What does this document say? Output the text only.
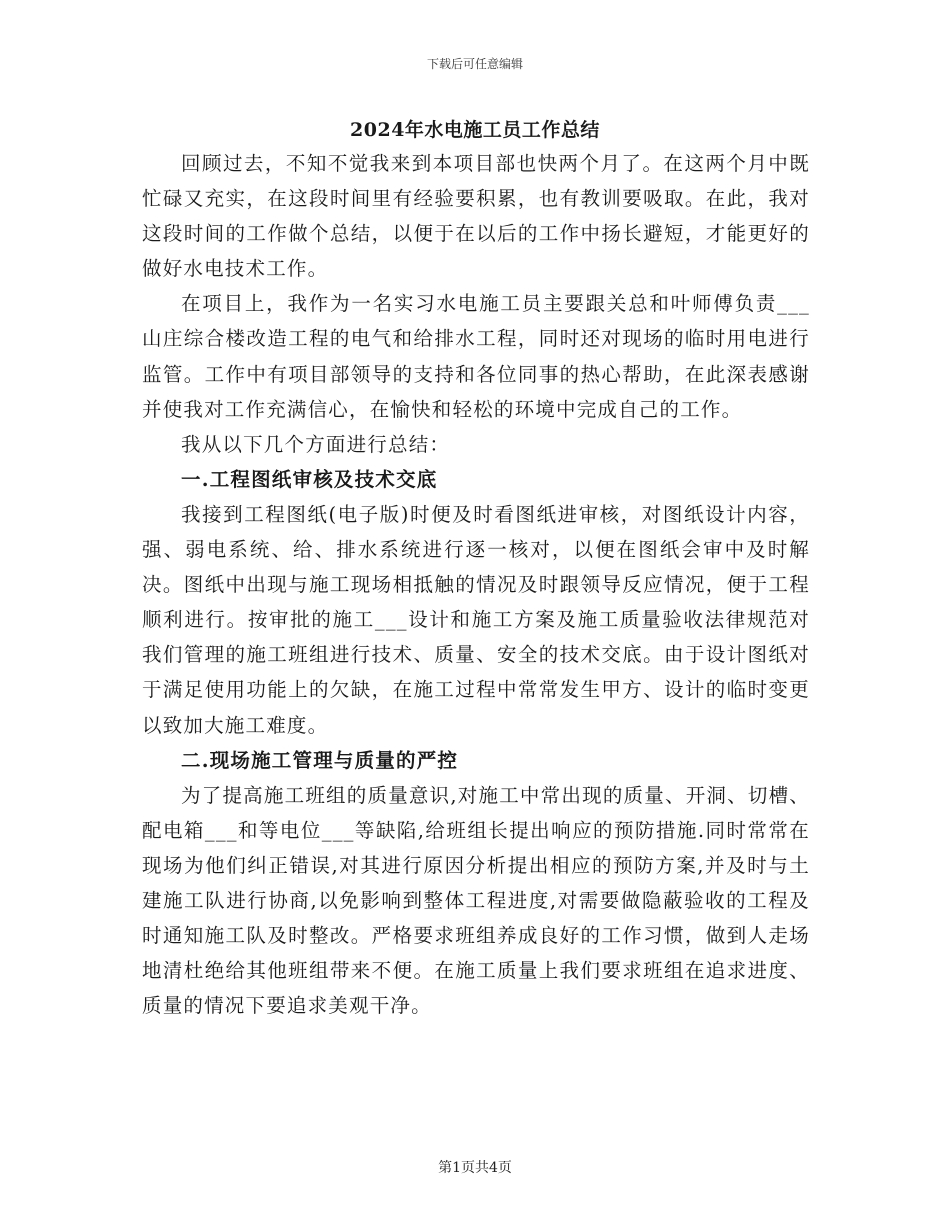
下载后可任意编辑
2024年水电施工员工作总结

回顾过去，不知不觉我来到本项目部也快两个月了。在这两个月中既忙碌又充实，在这段时间里有经验要积累，也有教训要吸取。在此，我对这段时间的工作做个总结，以便于在以后的工作中扬长避短，才能更好的做好水电技术工作。

在项目上，我作为一名实习水电施工员主要跟关总和叶师傅负责___山庄综合楼改造工程的电气和给排水工程，同时还对现场的临时用电进行监管。工作中有项目部领导的支持和各位同事的热心帮助，在此深表感谢并使我对工作充满信心，在愉快和轻松的环境中完成自己的工作。

我从以下几个方面进行总结：

一.工程图纸审核及技术交底

我接到工程图纸(电子版)时便及时看图纸进审核，对图纸设计内容，强、弱电系统、给、排水系统进行逐一核对，以便在图纸会审中及时解决。图纸中出现与施工现场相抵触的情况及时跟领导反应情况，便于工程顺利进行。按审批的施工___设计和施工方案及施工质量验收法律规范对我们管理的施工班组进行技术、质量、安全的技术交底。由于设计图纸对于满足使用功能上的欠缺，在施工过程中常常发生甲方、设计的临时变更以致加大施工难度。

二.现场施工管理与质量的严控

为了提高施工班组的质量意识,对施工中常出现的质量、开洞、切槽、配电箱___和等电位___等缺陷,给班组长提出响应的预防措施.同时常常在现场为他们纠正错误,对其进行原因分析提出相应的预防方案,并及时与土建施工队进行协商,以免影响到整体工程进度,对需要做隐蔽验收的工程及时通知施工队及时整改。严格要求班组养成良好的工作习惯，做到人走场地清杜绝给其他班组带来不便。在施工质量上我们要求班组在追求进度、质量的情况下要追求美观干净。

第1页共4页
